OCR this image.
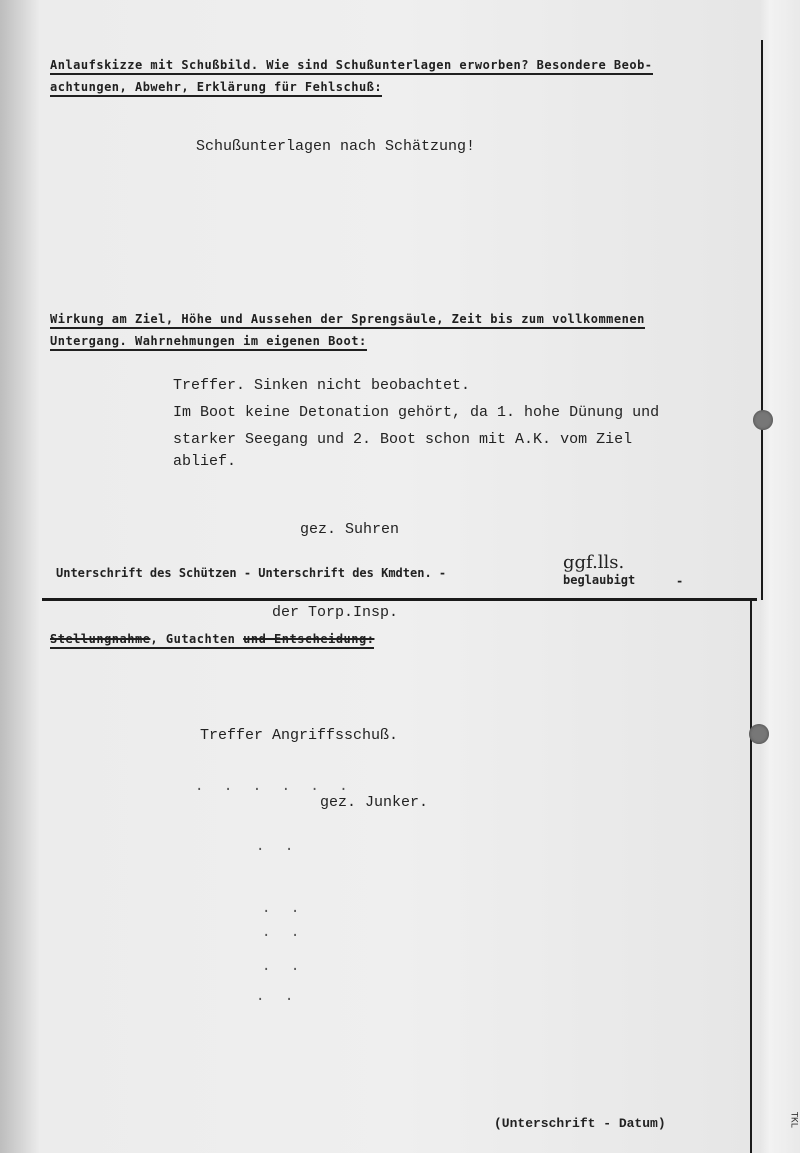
Anlaufskizze mit Schußbild. Wie sind Schußunterlagen erworben? Besondere Beob-
achtungen, Abwehr, Erklärung für Fehlschuß:
Schußunterlagen nach Schätzung!
Wirkung am Ziel, Höhe und Aussehen der Sprengsäule, Zeit bis zum vollkommenen
Untergang. Wahrnehmungen im eigenen Boot:
Treffer. Sinken nicht beobachtet.
Im Boot keine Detonation gehört, da 1. hohe Dünung und
starker Seegang und 2. Boot schon mit A.K. vom Ziel
ablief.
gez. Suhren
Unterschrift des Schützen - Unterschrift des Kmdten. -	ggf.lls.
beglaubigt	-
der Torp.Insp.
Stellungnahme, Gutachten und Entscheidung:
Treffer Angriffsschuß.
gez. Junker.
(Unterschrift - Datum)	TKL
. . . . . .
. .
. .
. .
. .
. .
